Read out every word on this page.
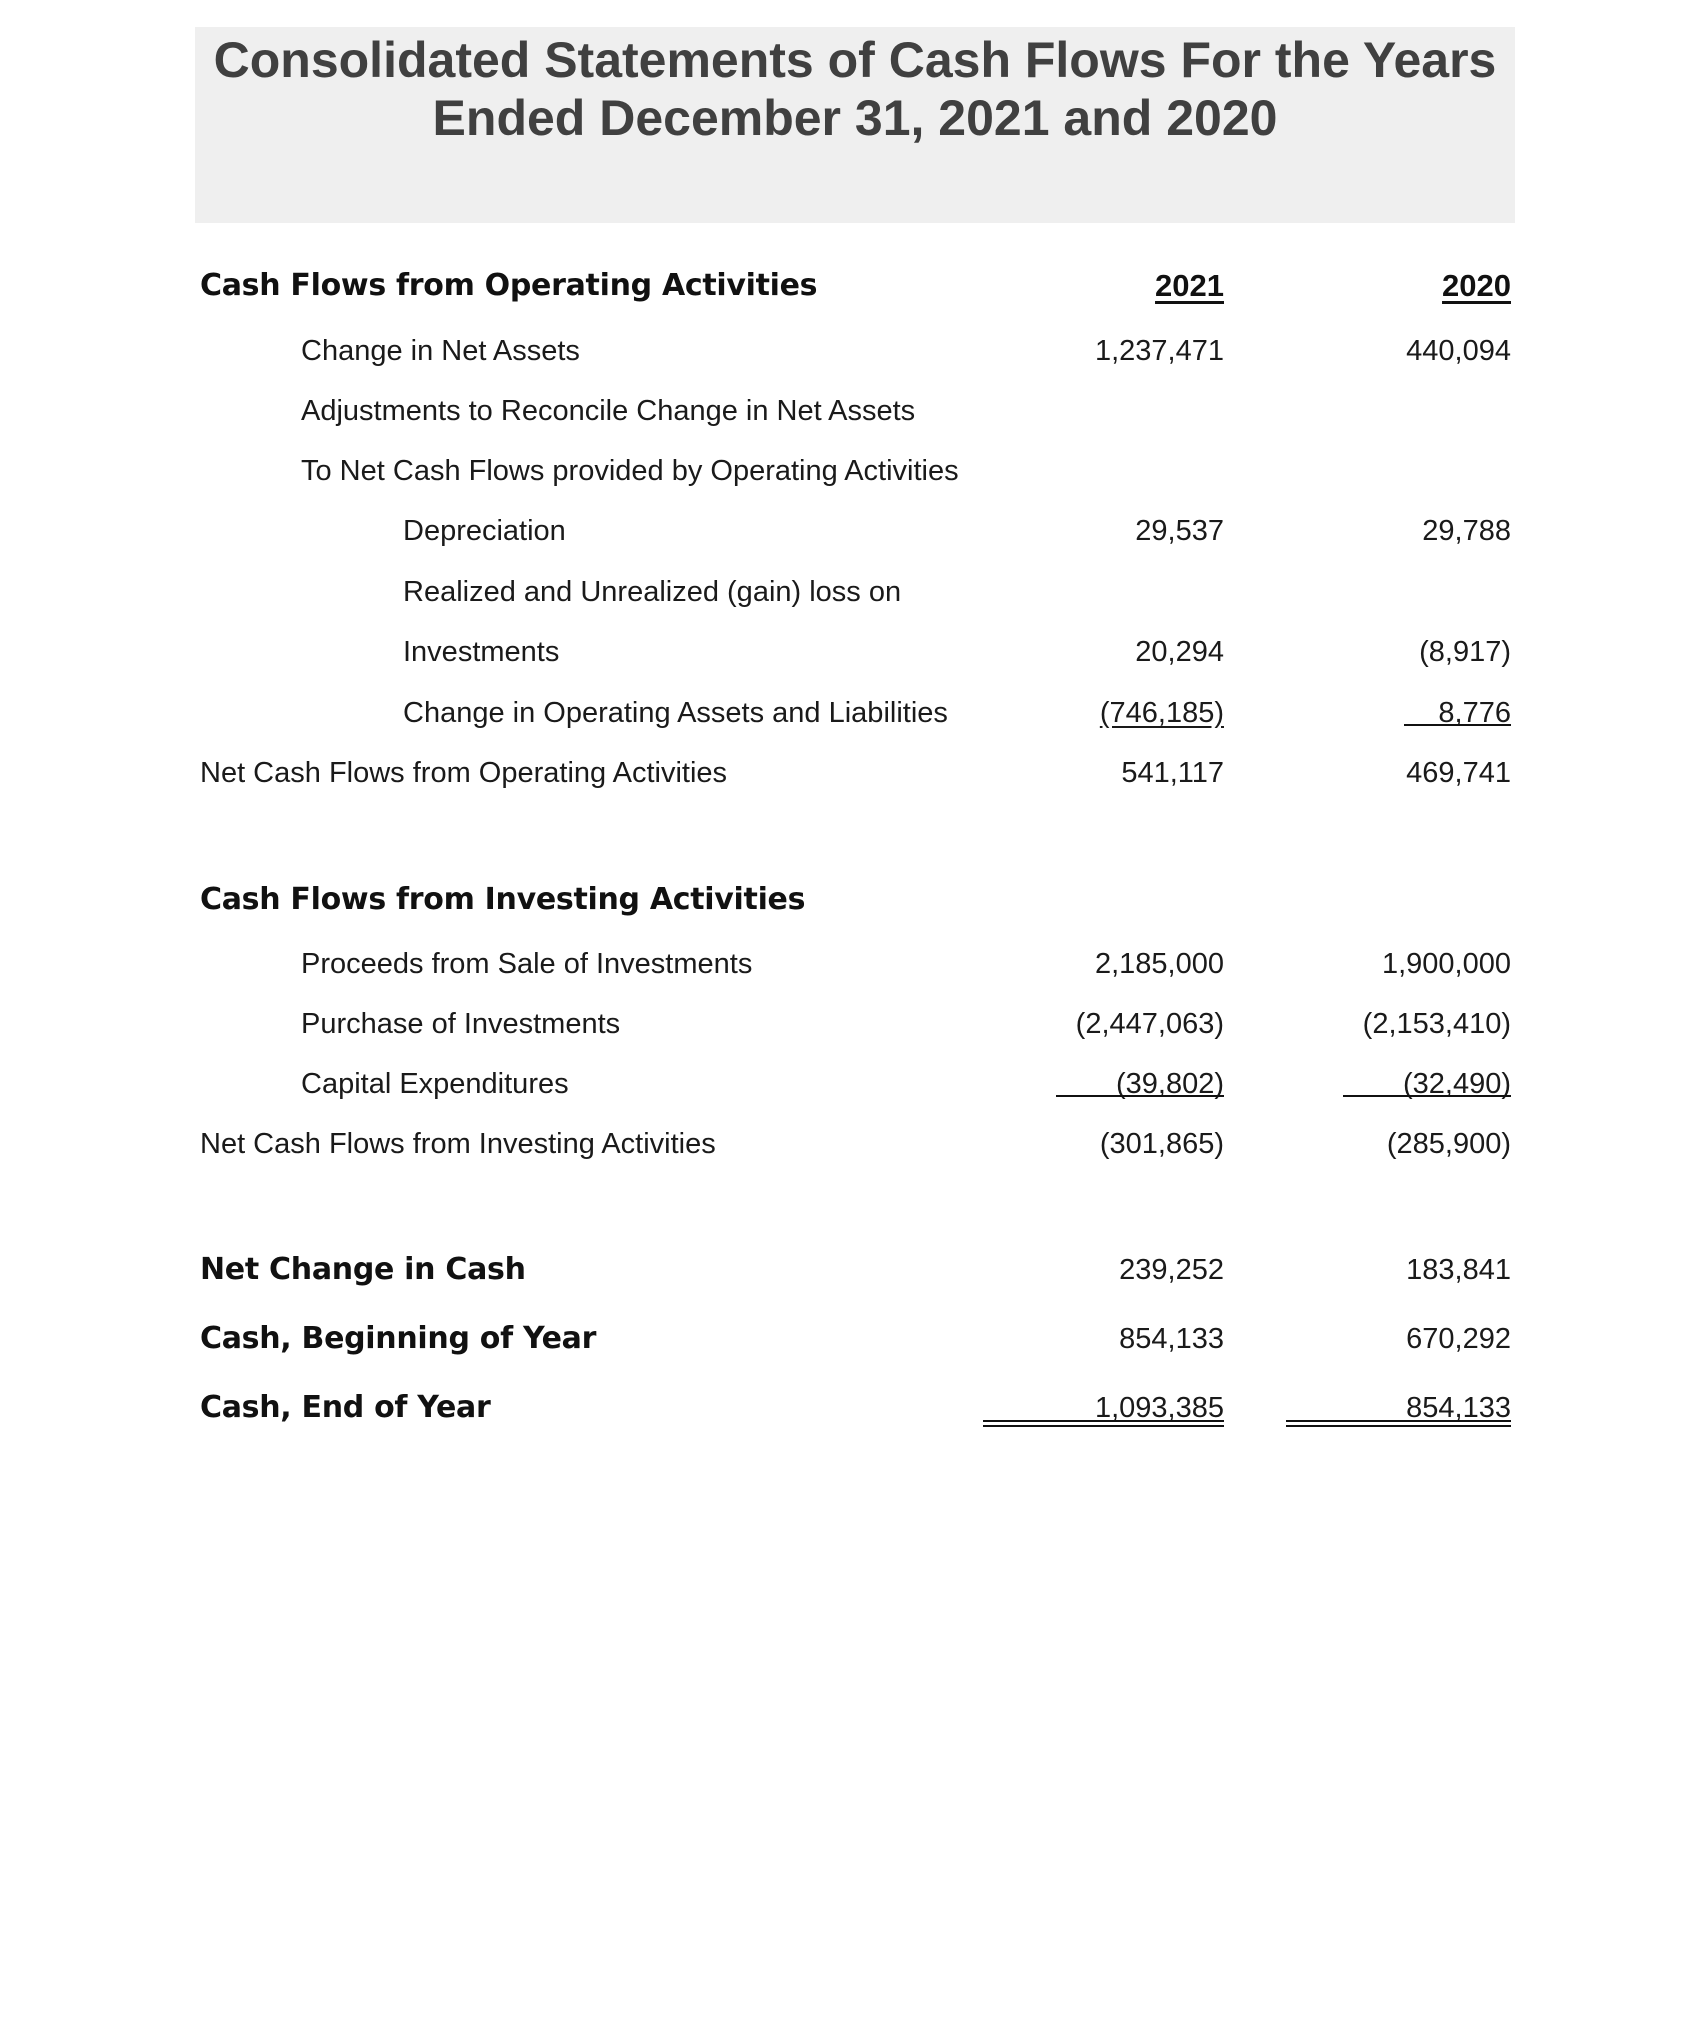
Consolidated Statements of Cash Flows For the Years
Ended December 31, 2021 and 2020
Cash Flows from Operating Activities	2021	2020
Change in Net Assets	1,237,471	440,094
Adjustments to Reconcile Change in Net Assets
To Net Cash Flows provided by Operating Activities
Depreciation	29,537	29,788
Realized and Unrealized (gain) loss on
Investments	20,294	(8,917)
Change in Operating Assets and Liabilities	(746,185)	8,776
Net Cash Flows from Operating Activities	541,117	469,741
Cash Flows from Investing Activities
Proceeds from Sale of Investments	2,185,000	1,900,000
Purchase of Investments	(2,447,063)	(2,153,410)
Capital Expenditures	(39,802)	(32,490)
Net Cash Flows from Investing Activities	(301,865)	(285,900)
Net Change in Cash	239,252	183,841
Cash, Beginning of Year	854,133	670,292
Cash, End of Year	1,093,385	854,133
